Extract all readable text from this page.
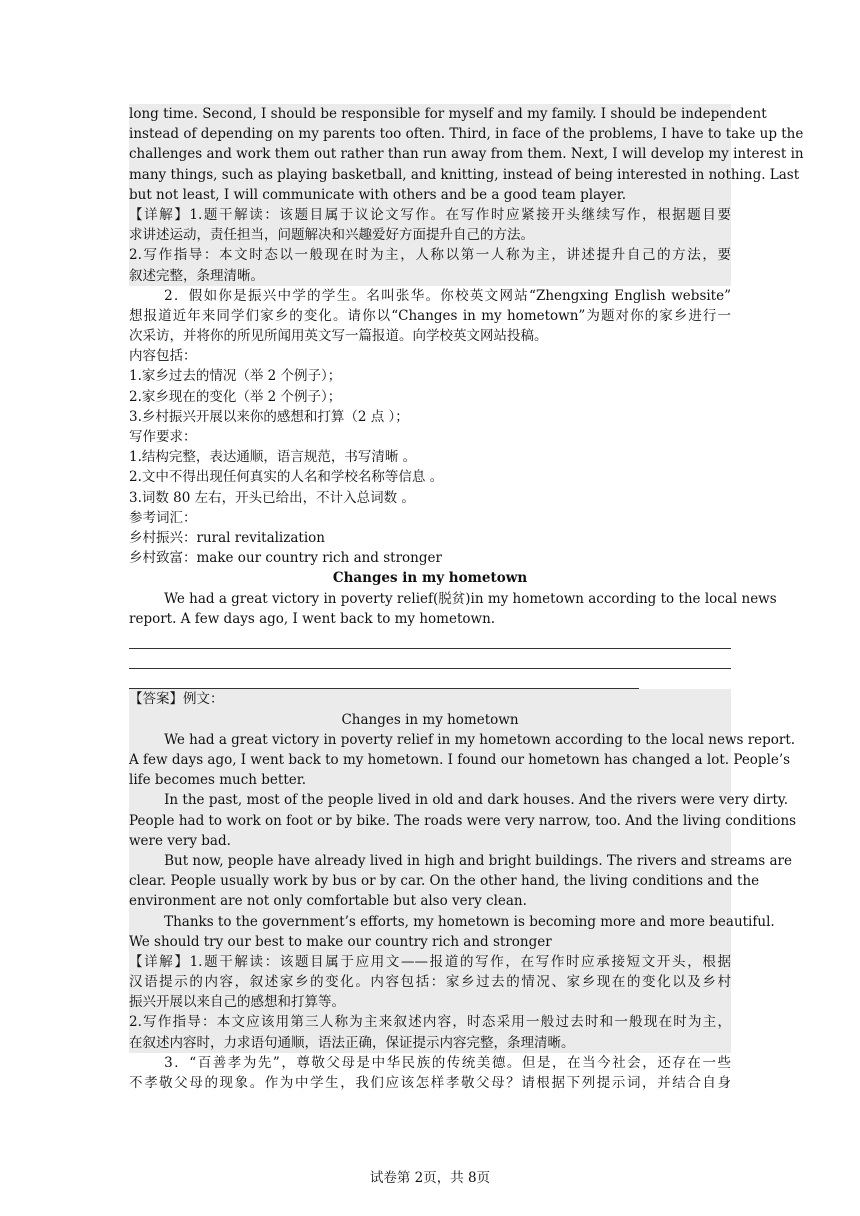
long time. Second, I should be responsible for myself and my family. I should be independent
instead of depending on my parents too often. Third, in face of the problems, I have to take up the
challenges and work them out rather than run away from them. Next, I will develop my interest in
many things, such as playing basketball, and knitting, instead of being interested in nothing. Last
but not least, I will communicate with others and be a good team player.
【详解】1.题干解读：该题目属于议论文写作。在写作时应紧接开头继续写作，根据题目要
求讲述运动，责任担当，问题解决和兴趣爱好方面提升自己的方法。
2.写作指导：本文时态以一般现在时为主，人称以第一人称为主，讲述提升自己的方法，要
叙述完整，条理清晰。
2．假如你是振兴中学的学生。名叫张华。你校英文网站“Zhengxing English website”
想报道近年来同学们家乡的变化。请你以“Changes in my hometown”为题对你的家乡进行一
次采访，并将你的所见所闻用英文写一篇报道。向学校英文网站投稿。
内容包括：
1.家乡过去的情况（举 2 个例子）；
2.家乡现在的变化（举 2 个例子）；
3.乡村振兴开展以来你的感想和打算（2 点 ）；
写作要求：
1.结构完整，表达通顺，语言规范，书写清晰 。
2.文中不得出现任何真实的人名和学校名称等信息 。
3.词数 80 左右，开头已给出，不计入总词数 。
参考词汇：
乡村振兴：rural revitalization
乡村致富：make our country rich and stronger
Changes in my hometown
We had a great victory in poverty relief(脱贫)in my hometown according to the local news
report. A few days ago, I went back to my hometown.
【答案】例文：
Changes in my hometown
We had a great victory in poverty relief in my hometown according to the local news report.
A few days ago, I went back to my hometown. I found our hometown has changed a lot. People’s
life becomes much better.
In the past, most of the people lived in old and dark houses. And the rivers were very dirty.
People had to work on foot or by bike. The roads were very narrow, too. And the living conditions
were very bad.
But now, people have already lived in high and bright buildings. The rivers and streams are
clear. People usually work by bus or by car. On the other hand, the living conditions and the
environment are not only comfortable but also very clean.
Thanks to the government’s efforts, my hometown is becoming more and more beautiful.
We should try our best to make our country rich and stronger
【详解】1.题干解读：该题目属于应用文——报道的写作，在写作时应承接短文开头，根据
汉语提示的内容，叙述家乡的变化。内容包括：家乡过去的情况、家乡现在的变化以及乡村
振兴开展以来自己的感想和打算等。
2.写作指导：本文应该用第三人称为主来叙述内容，时态采用一般过去时和一般现在时为主，
在叙述内容时，力求语句通顺，语法正确，保证提示内容完整，条理清晰。
3．“百善孝为先”，尊敬父母是中华民族的传统美德。但是，在当今社会，还存在一些
不孝敬父母的现象。作为中学生，我们应该怎样孝敬父母？请根据下列提示词，并结合自身
试卷第 2页，共 8页
